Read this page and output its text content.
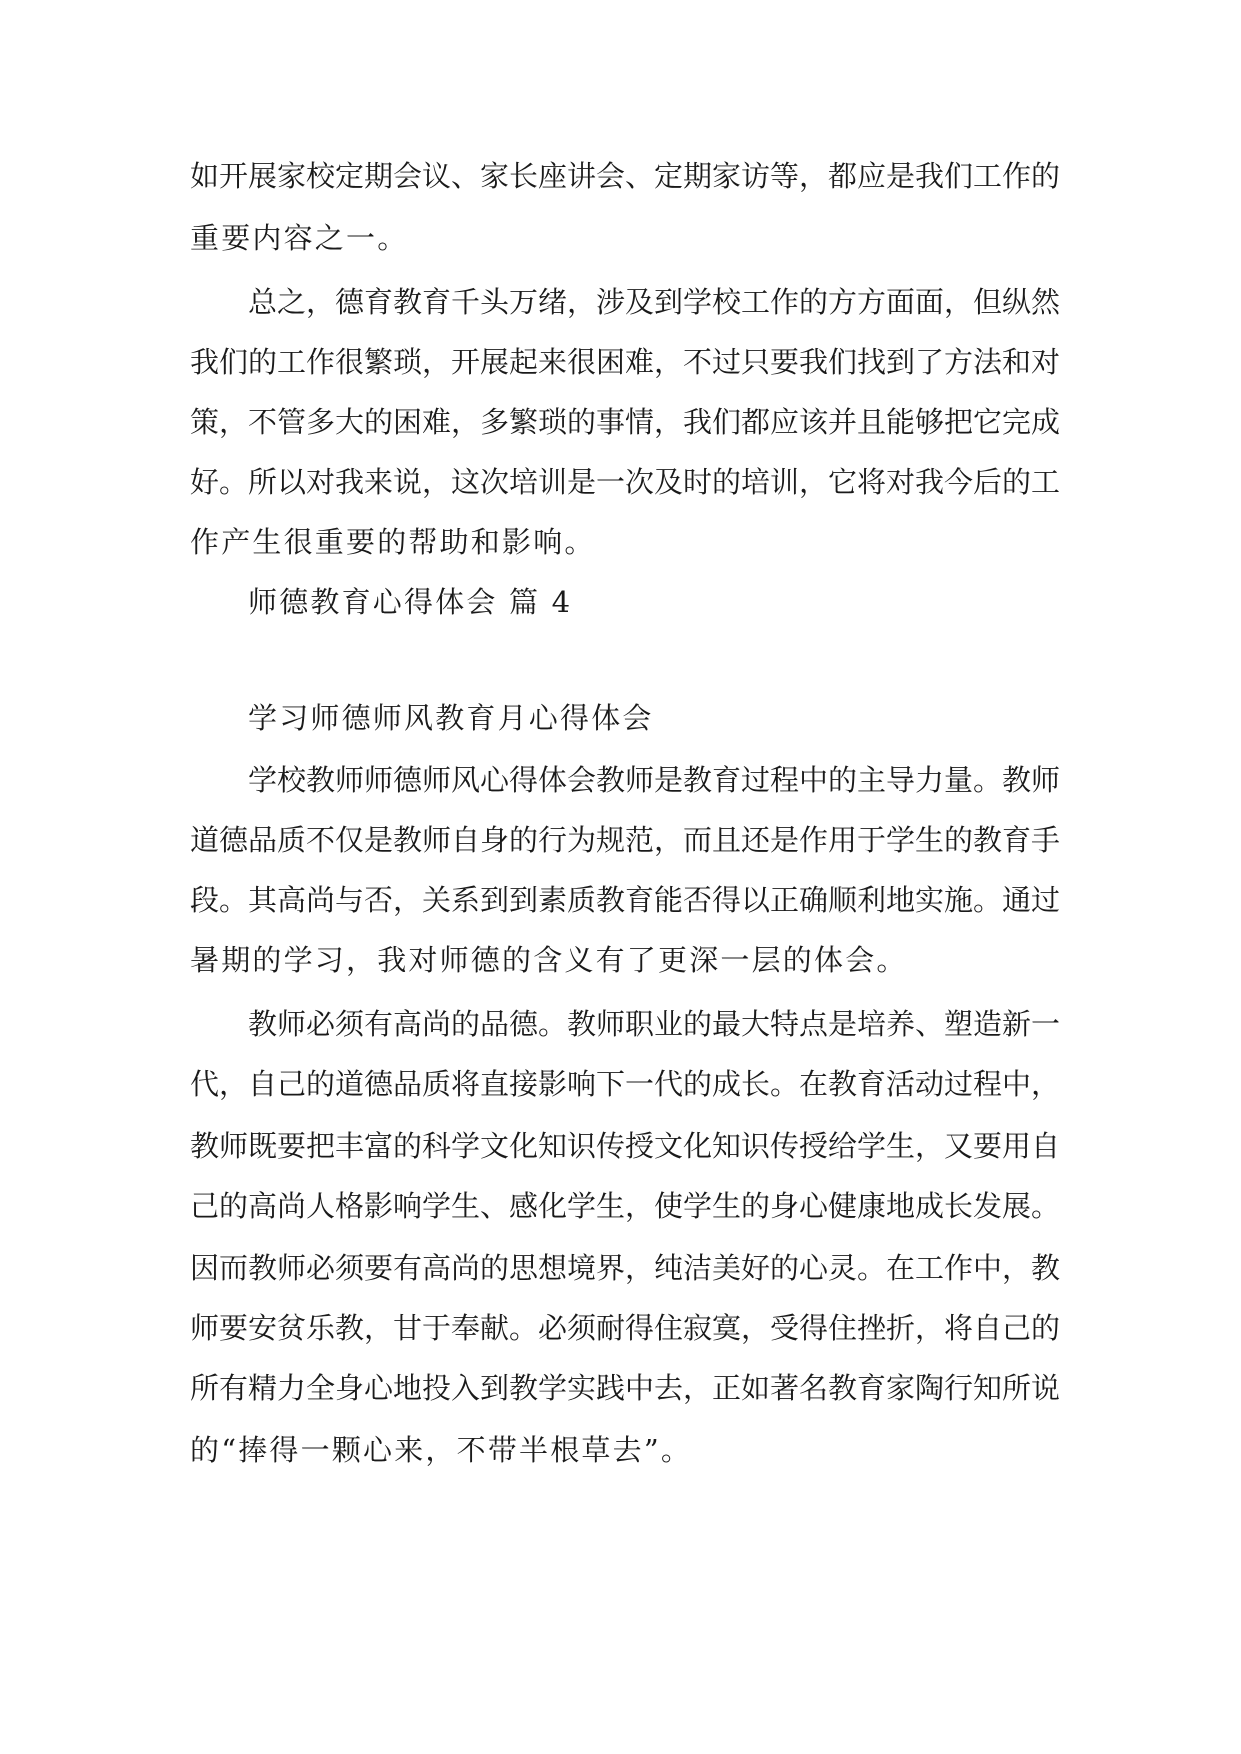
如开展家校定期会议、家长座讲会、定期家访等，都应是我们工作的
重要内容之一。
总之，德育教育千头万绪，涉及到学校工作的方方面面，但纵然
我们的工作很繁琐，开展起来很困难，不过只要我们找到了方法和对
策，不管多大的困难，多繁琐的事情，我们都应该并且能够把它完成
好。所以对我来说，这次培训是一次及时的培训，它将对我今后的工
作产生很重要的帮助和影响。
师德教育心得体会 篇 4
学习师德师风教育月心得体会
学校教师师德师风心得体会教师是教育过程中的主导力量。教师
道德品质不仅是教师自身的行为规范，而且还是作用于学生的教育手
段。其高尚与否，关系到到素质教育能否得以正确顺利地实施。通过
暑期的学习，我对师德的含义有了更深一层的体会。
教师必须有高尚的品德。教师职业的最大特点是培养、塑造新一
代，自己的道德品质将直接影响下一代的成长。在教育活动过程中，
教师既要把丰富的科学文化知识传授文化知识传授给学生，又要用自
己的高尚人格影响学生、感化学生，使学生的身心健康地成长发展。
因而教师必须要有高尚的思想境界，纯洁美好的心灵。在工作中，教
师要安贫乐教，甘于奉献。必须耐得住寂寞，受得住挫折，将自己的
所有精力全身心地投入到教学实践中去，正如著名教育家陶行知所说
的“捧得一颗心来，不带半根草去”。
